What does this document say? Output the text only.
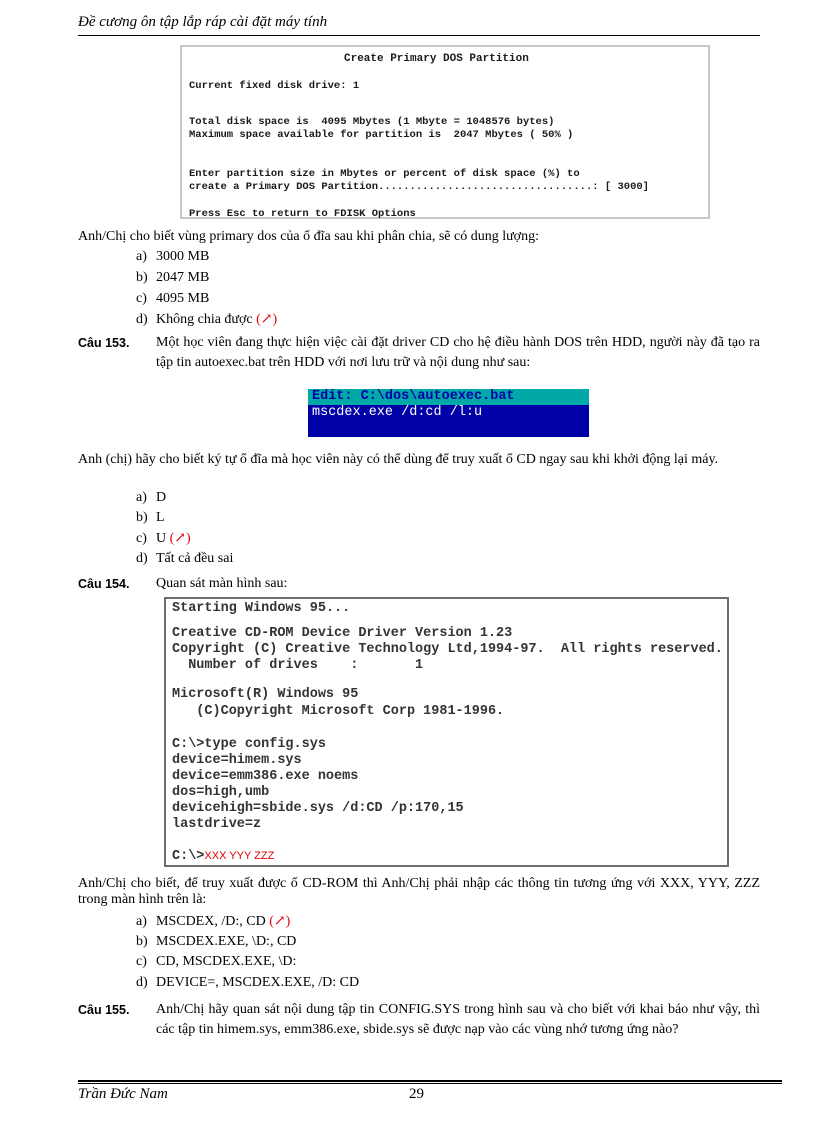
Đề cương ôn tập lắp ráp cài đặt máy tính
Create Primary DOS Partition
Current fixed disk drive: 1
Total disk space is  4095 Mbytes (1 Mbyte = 1048576 bytes)
Maximum space available for partition is  2047 Mbytes ( 50% )
Enter partition size in Mbytes or percent of disk space (%) to
create a Primary DOS Partition..................................: [ 3000]
Press Esc to return to FDISK Options
Anh/Chị cho biết vùng primary dos của ổ đĩa sau khi phân chia, sẽ có dung lượng:
a) 3000 MB
b) 2047 MB
c) 4095 MB
d) Không chia được (↗)
Câu 153. Một học viên đang thực hiện việc cài đặt driver CD cho hệ điều hành DOS trên HDD, người này đã tạo ra tập tin autoexec.bat trên HDD với nơi lưu trữ và nội dung như sau:
Edit: C:\dos\autoexec.bat
mscdex.exe /d:cd /l:u
Anh (chị) hãy cho biết ký tự ổ đĩa mà học viên này có thể dùng để truy xuất ổ CD ngay sau khi khởi động lại máy.
a) D
b) L
c) U (↗)
d) Tất cả đều sai
Câu 154. Quan sát màn hình sau:
Starting Windows 95...
Creative CD-ROM Device Driver Version 1.23
Copyright (C) Creative Technology Ltd,1994-97.  All rights reserved.
Number of drives    :       1
Microsoft(R) Windows 95
(C)Copyright Microsoft Corp 1981-1996.
C:\>type config.sys
device=himem.sys
device=emm386.exe noems
dos=high,umb
devicehigh=sbide.sys /d:CD /p:170,15
lastdrive=z
C:\>XXX YYY ZZZ
Anh/Chị cho biết, để truy xuất được ổ CD-ROM thì Anh/Chị phải nhập các thông tin tương ứng với XXX, YYY, ZZZ trong màn hình trên là:
a) MSCDEX, /D:, CD (↗)
b) MSCDEX.EXE, \D:, CD
c) CD, MSCDEX.EXE, \D:
d) DEVICE=, MSCDEX.EXE, /D: CD
Câu 155. Anh/Chị hãy quan sát nội dung tập tin CONFIG.SYS trong hình sau và cho biết với khai báo như vậy, thì các tập tin himem.sys, emm386.exe, sbide.sys sẽ được nạp vào các vùng nhớ tương ứng nào?
Trần Đức Nam	29
